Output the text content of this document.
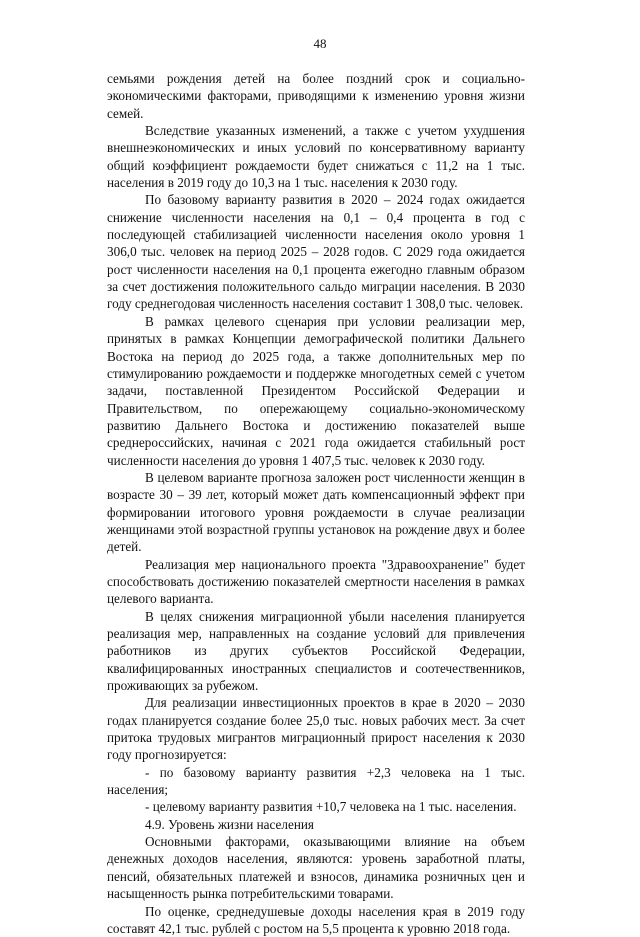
48

семьями рождения детей на более поздний срок и социально-экономическими факторами, приводящими к изменению уровня жизни семей.

Вследствие указанных изменений, а также с учетом ухудшения внешнеэкономических и иных условий по консервативному варианту общий коэффициент рождаемости будет снижаться с 11,2 на 1 тыс. населения в 2019 году до 10,3 на 1 тыс. населения к 2030 году.

По базовому варианту развития в 2020 – 2024 годах ожидается снижение численности населения на 0,1 – 0,4 процента в год с последующей стабилизацией численности населения около уровня 1 306,0 тыс. человек на период 2025 – 2028 годов. С 2029 года ожидается рост численности населения на 0,1 процента ежегодно главным образом за счет достижения положительного сальдо миграции населения. В 2030 году среднегодовая численность населения составит 1 308,0 тыс. человек.

В рамках целевого сценария при условии реализации мер, принятых в рамках Концепции демографической политики Дальнего Востока на период до 2025 года, а также дополнительных мер по стимулированию рождаемости и поддержке многодетных семей с учетом задачи, поставленной Президентом Российской Федерации и Правительством, по опережающему социально-экономическому развитию Дальнего Востока и достижению показателей выше среднероссийских, начиная с 2021 года ожидается стабильный рост численности населения до уровня 1 407,5 тыс. человек к 2030 году.

В целевом варианте прогноза заложен рост численности женщин в возрасте 30 – 39 лет, который может дать компенсационный эффект при формировании итогового уровня рождаемости в случае реализации женщинами этой возрастной группы установок на рождение двух и более детей.

Реализация мер национального проекта "Здравоохранение" будет способствовать достижению показателей смертности населения в рамках целевого варианта.

В целях снижения миграционной убыли населения планируется реализация мер, направленных на создание условий для привлечения работников из других субъектов Российской Федерации, квалифицированных иностранных специалистов и соотечественников, проживающих за рубежом.

Для реализации инвестиционных проектов в крае в 2020 – 2030 годах планируется создание более 25,0 тыс. новых рабочих мест. За счет притока трудовых мигрантов миграционный прирост населения к 2030 году прогнозируется:

- по базовому варианту развития +2,3 человека на 1 тыс. населения;

- целевому варианту развития +10,7 человека на 1 тыс. населения.

4.9. Уровень жизни населения

Основными факторами, оказывающими влияние на объем денежных доходов населения, являются: уровень заработной платы, пенсий, обязательных платежей и взносов, динамика розничных цен и насыщенность рынка потребительскими товарами.

По оценке, среднедушевые доходы населения края в 2019 году составят 42,1 тыс. рублей с ростом на 5,5 процента к уровню 2018 года.
